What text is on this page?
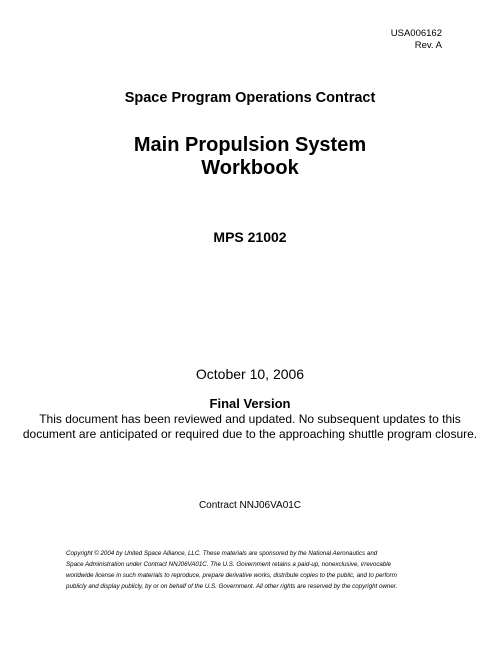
USA006162
Rev. A
Space Program Operations Contract
Main Propulsion System
Workbook
MPS 21002
October 10, 2006
Final Version
This document has been reviewed and updated. No subsequent updates to this document are anticipated or required due to the approaching shuttle program closure.
Contract NNJ06VA01C
Copyright © 2004 by United Space Alliance, LLC. These materials are sponsored by the National Aeronautics and
Space Administration under Contract NNJ06VA01C. The U.S. Government retains a paid-up, nonexclusive, irrevocable
worldwide license in such materials to reproduce, prepare derivative works, distribute copies to the public, and to perform
publicly and display publicly, by or on behalf of the U.S. Government. All other rights are reserved by the copyright owner.
